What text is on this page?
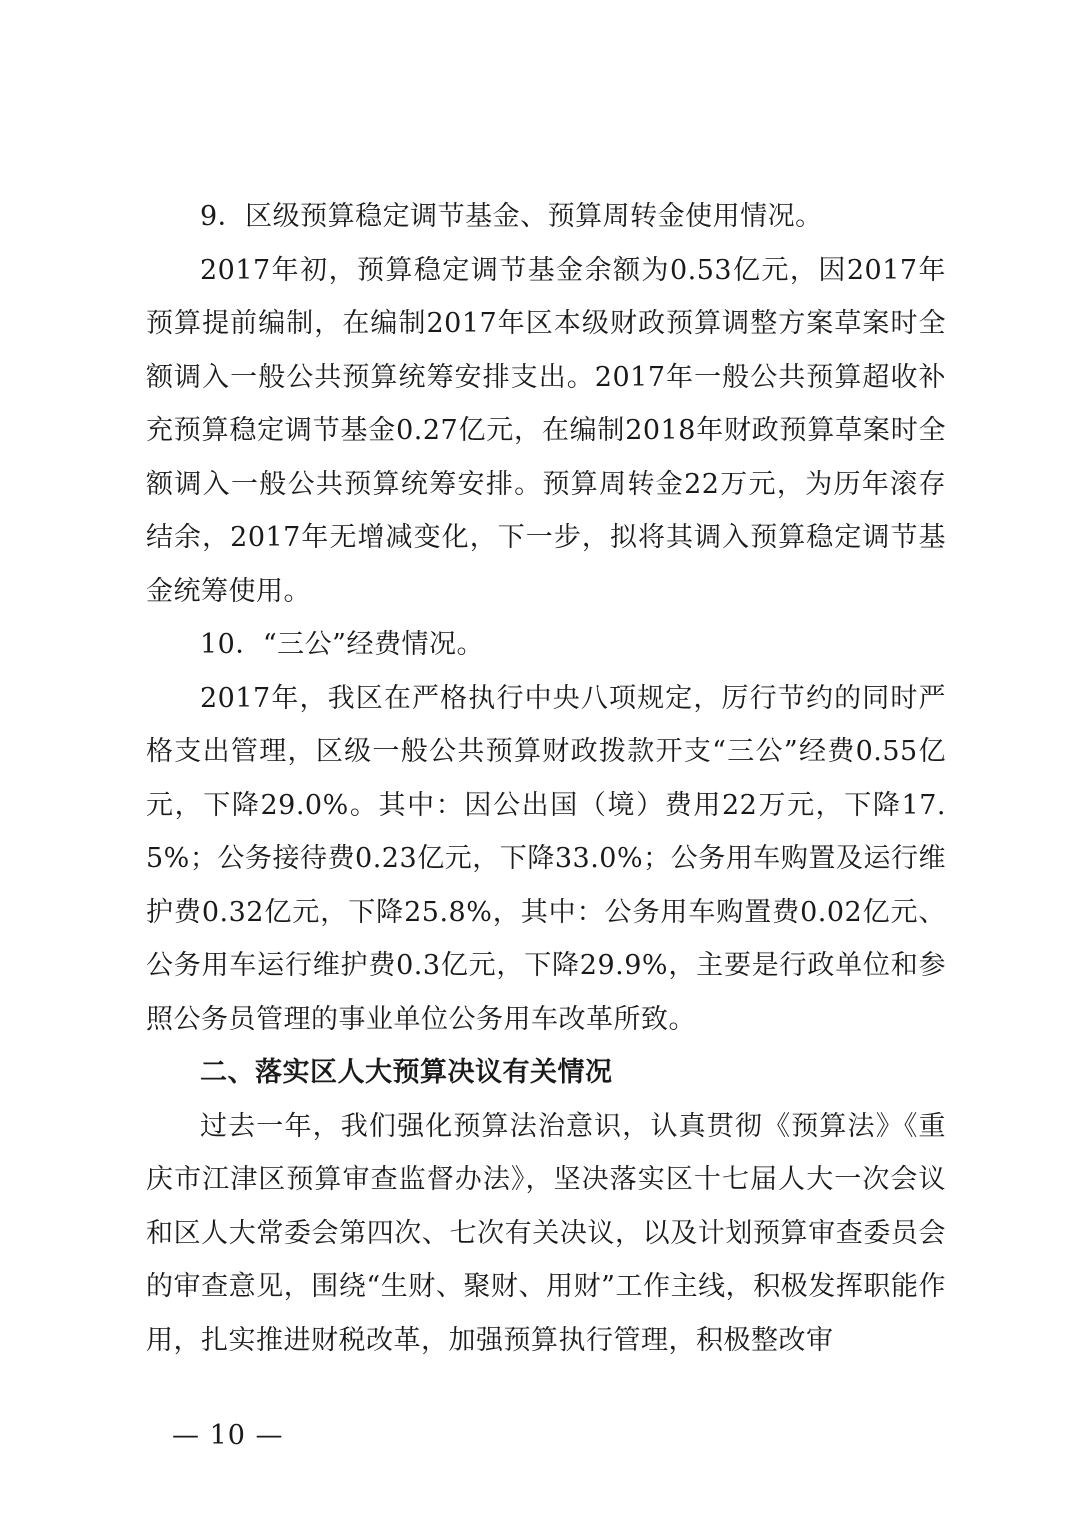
9．区级预算稳定调节基金、预算周转金使用情况。

2017年初，预算稳定调节基金余额为0.53亿元，因2017年预算提前编制，在编制2017年区本级财政预算调整方案草案时全额调入一般公共预算统筹安排支出。2017年一般公共预算超收补充预算稳定调节基金0.27亿元，在编制2018年财政预算草案时全额调入一般公共预算统筹安排。预算周转金22万元，为历年滚存结余，2017年无增减变化，下一步，拟将其调入预算稳定调节基金统筹使用。

10．“三公”经费情况。

2017年，我区在严格执行中央八项规定，厉行节约的同时严格支出管理，区级一般公共预算财政拨款开支“三公”经费0.55亿元，下降29.0%。其中：因公出国（境）费用22万元，下降17.5%；公务接待费0.23亿元，下降33.0%；公务用车购置及运行维护费0.32亿元，下降25.8%，其中：公务用车购置费0.02亿元、公务用车运行维护费0.3亿元，下降29.9%，主要是行政单位和参照公务员管理的事业单位公务用车改革所致。

二、落实区人大预算决议有关情况

过去一年，我们强化预算法治意识，认真贯彻《预算法》《重庆市江津区预算审查监督办法》，坚决落实区十七届人大一次会议和区人大常委会第四次、七次有关决议，以及计划预算审查委员会的审查意见，围绕“生财、聚财、用财”工作主线，积极发挥职能作用，扎实推进财税改革，加强预算执行管理，积极整改审

— 10 —
